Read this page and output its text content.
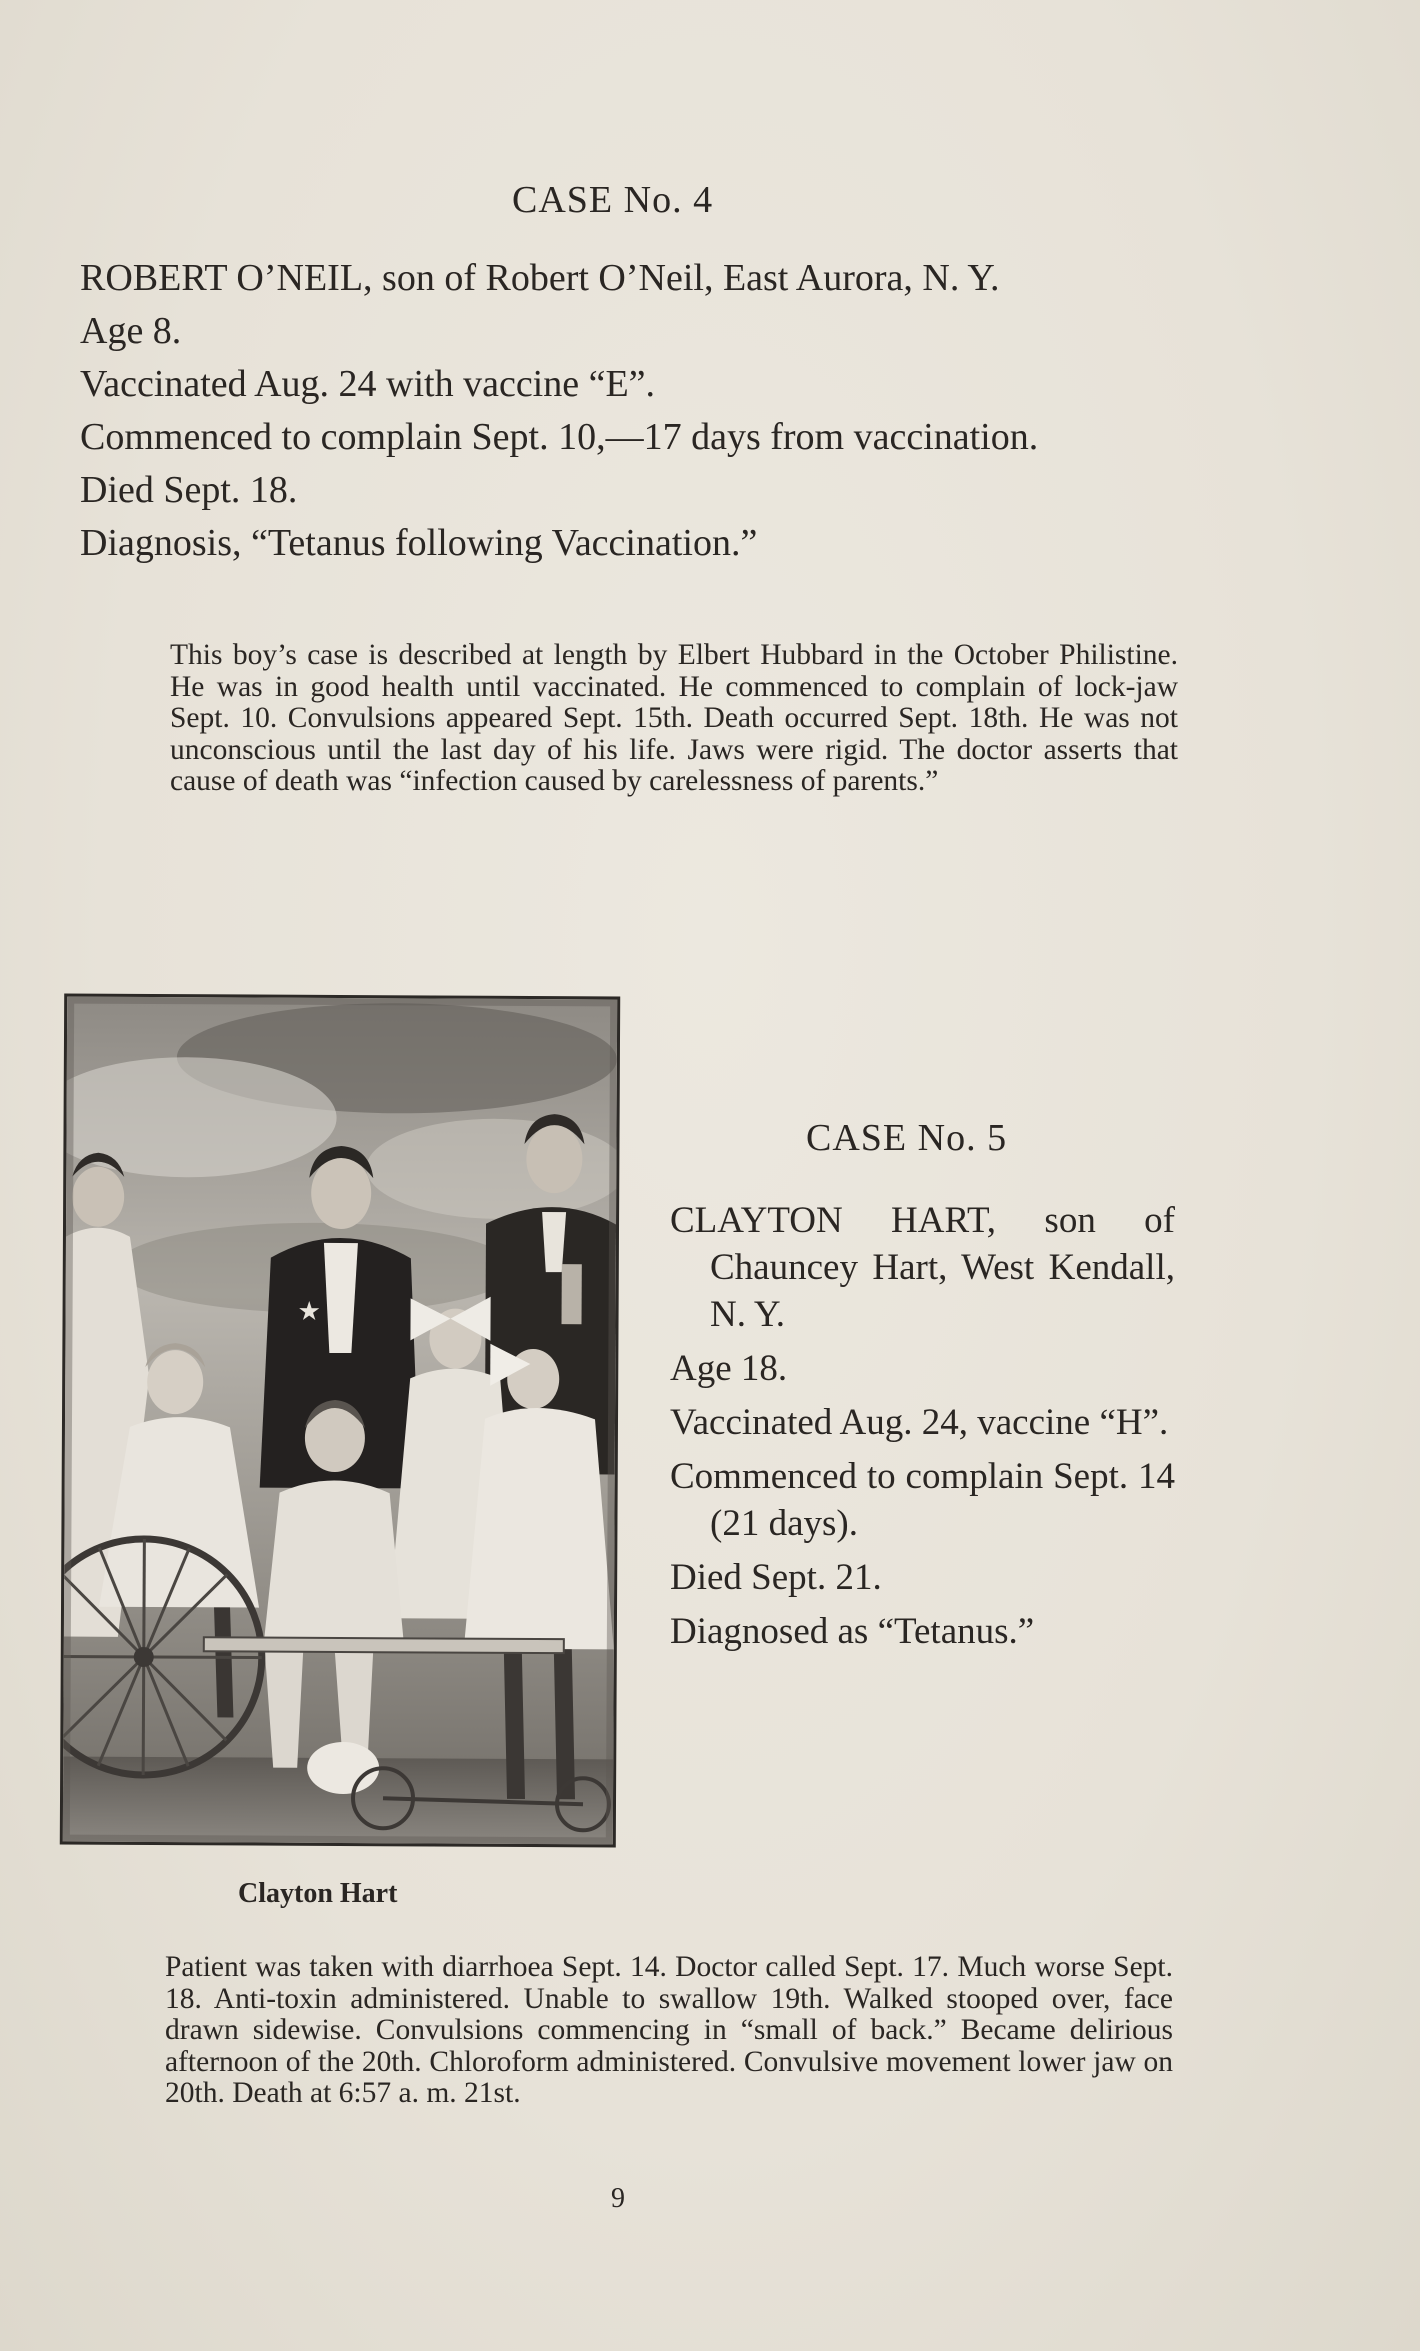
CASE No. 4

ROBERT O’NEIL, son of Robert O’Neil, East Aurora, N. Y.

Age 8.

Vaccinated Aug. 24 with vaccine “E”.

Commenced to complain Sept. 10,—17 days from vaccination.

Died Sept. 18.

Diagnosis, “Tetanus following Vaccination.”

This boy’s case is described at length by Elbert Hubbard in the October Philistine. He was in good health until vaccinated. He commenced to complain of lock-jaw Sept. 10. Convulsions appeared Sept. 15th. Death occurred Sept. 18th. He was not unconscious until the last day of his life. Jaws were rigid. The doctor asserts that cause of death was “infection caused by carelessness of parents.”

★

Clayton Hart

CASE No. 5

CLAYTON HART, son of Chauncey Hart, West Kendall, N. Y.

Age 18.

Vaccinated Aug. 24, vaccine “H”.

Commenced to complain Sept. 14 (21 days).

Died Sept. 21.

Diagnosed as “Tetanus.”

Patient was taken with diarrhoea Sept. 14. Doctor called Sept. 17. Much worse Sept. 18. Anti-toxin administered. Unable to swallow 19th. Walked stooped over, face drawn sidewise. Convulsions commencing in “small of back.” Became delirious afternoon of the 20th. Chloroform administered. Convulsive movement lower jaw on 20th. Death at 6:57 a. m. 21st.

9
